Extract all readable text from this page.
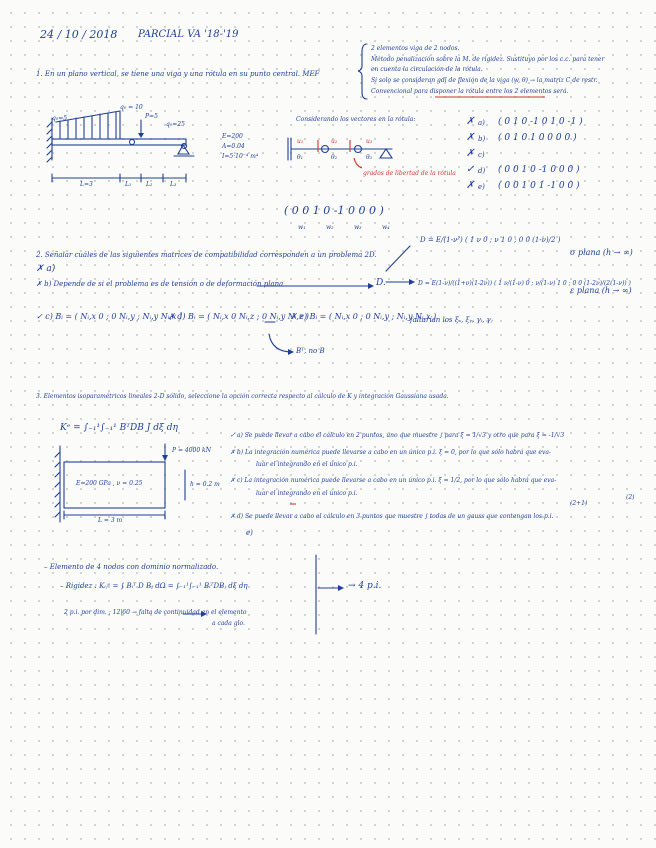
24 / 10 / 2018 PARCIAL VA '18-'19
2 elementos viga de 2 nodos.
Método penalización sobre la M. de rigidez. Sustituyo por los c.c. para tener
en cuenta la circulación de la rótula.
Si solo se consideran gdl de flexión de la viga (w, θ) → la matriz C de restr.
Convencional para disponer la rótula entre los 2 elementos será.
1. En un plano vertical, se tiene una viga y una rótula en su punto central. MEF
q₀=5
q₀ = 10
P=5
q₀=25
E=200
A=0.04
I=5·10⁻⁴ m⁴
L=3	L₁ L₂	L₃
Considerando los vectores en la rótula:
grados de libertad de la rótula
u₁	u₂	u₃
θ₁	θ₂	θ₃
✗ a) ( 0 1 0 -1 0 1 0 -1 )
✗ b) ( 0 1 0 1 0 0 0 0 )
✗ c)
✓ d) ( 0 0 1 0 -1 0 0 0 )
✗ e) ( 0 0 1 0 1 -1 0 0 )
( 0 0 1 0 -1 0 0 0 )
w₁	w₂	w₃	w₄
2. Señalar cuáles de las siguientes matrices de compatibilidad corresponden a un problema 2D.
✗ a)
✗ b) Depende de si el problema es de tensión o de deformación plana	D.
D = E/(1-ν²) ( 1 ν 0 ; ν 1 0 ; 0 0 (1-ν)/2 )
σ plana (h → ∞)
D = E(1-ν)/((1+ν)(1-2ν)) ( 1 ν/(1-ν) 0 ; ν/(1-ν) 1 0 ; 0 0 (1-2ν)/(2(1-ν)) )
ε plana (h → ∞)
✓ c) Bᵢ = ( Nᵢ,x 0 ; 0 Nᵢ,y ; Nᵢ,y Nᵢ,x )
✗ d) Bᵢ = ( Nᵢ,x 0 Nᵢ,z ; 0 Nᵢ,y Nᵢ,z )
✗ e) Bᵢ = ( Nᵢ,x 0 ; 0 Nᵢ,y ; Nᵢ,y Nᵢ,x )
faltarían los ξₓ, ξᵧ, γᵢ, γⱼ
Bᵀ, no B
3. Elementos isoparamétricos lineales 2-D sólido, seleccione la opción correcta respecto al cálculo de K y integración Gaussiana usada.
Kᵉ = ∫₋₁¹∫₋₁¹ BᵀDB J dξ dη
P = 4000 kN
E=200 GPa , ν = 0.25	h = 0.2 m
L = 3 m
✓ a) Se puede llevar a cabo el cálculo en 2 puntos, uno que muestre ∫ para ξ = 1/√3 y otro que para ξ = -1/√3
✗ b) La integración numérica puede llevarse a cabo en un único p.i. ξ = 0, por lo que sólo habrá que eva-
luar el integrando en el único p.i.
✗ c) La integración numérica puede llevarse a cabo en un único p.i. ξ = 1/2, por lo que sólo habrá que eva-
luar el integrando en el único p.i.
✗ d) Se puede llevar a cabo el cálculo en 3 puntos que muestre ∫ todas de un gauss que contengan los p.i.
(2+1)
(2)
e)
– Elemento de 4 nodos con dominio normalizado.
– Rigidez : Kᵢⱼᵉ = ∫ Bᵢᵀ D Bⱼ dΩ = ∫₋₁¹∫₋₁¹ BᵢᵀDBⱼ dξ dη	→ 4 p.i.
2 p.i. por dim. ; 12|60 → falta de continuidad en el elemento
a cada glo.
